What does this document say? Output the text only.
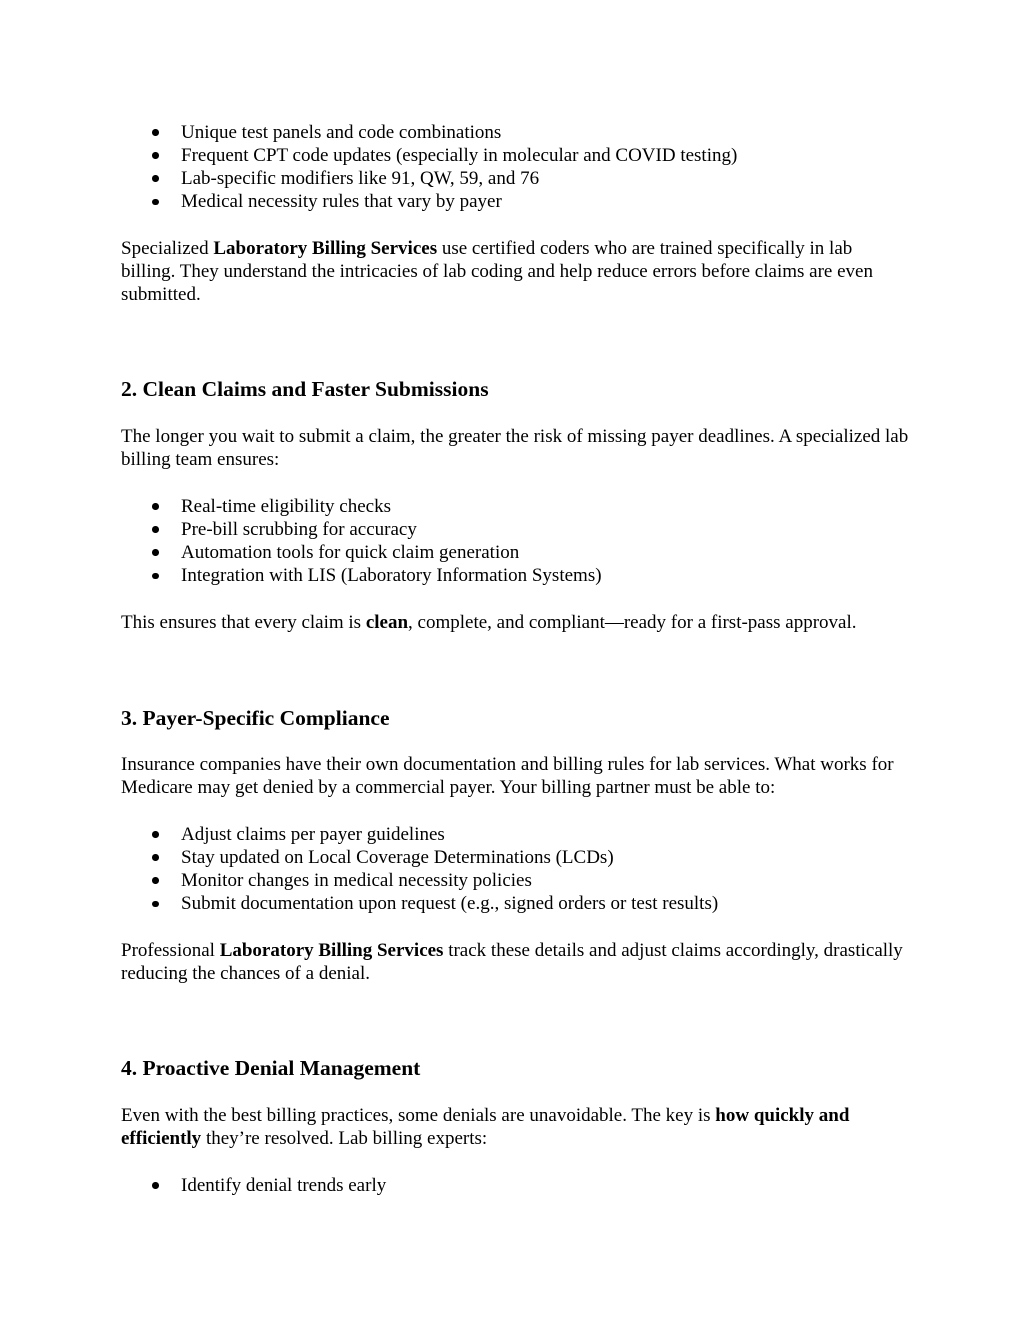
Unique test panels and code combinations
Frequent CPT code updates (especially in molecular and COVID testing)
Lab-specific modifiers like 91, QW, 59, and 76
Medical necessity rules that vary by payer

Specialized Laboratory Billing Services use certified coders who are trained specifically in lab billing. They understand the intricacies of lab coding and help reduce errors before claims are even submitted.

2. Clean Claims and Faster Submissions

The longer you wait to submit a claim, the greater the risk of missing payer deadlines. A specialized lab billing team ensures:

Real-time eligibility checks
Pre-bill scrubbing for accuracy
Automation tools for quick claim generation
Integration with LIS (Laboratory Information Systems)

This ensures that every claim is clean, complete, and compliant—ready for a first-pass approval.

3. Payer-Specific Compliance

Insurance companies have their own documentation and billing rules for lab services. What works for Medicare may get denied by a commercial payer. Your billing partner must be able to:

Adjust claims per payer guidelines
Stay updated on Local Coverage Determinations (LCDs)
Monitor changes in medical necessity policies
Submit documentation upon request (e.g., signed orders or test results)

Professional Laboratory Billing Services track these details and adjust claims accordingly, drastically reducing the chances of a denial.

4. Proactive Denial Management

Even with the best billing practices, some denials are unavoidable. The key is how quickly and efficiently they’re resolved. Lab billing experts:

Identify denial trends early
